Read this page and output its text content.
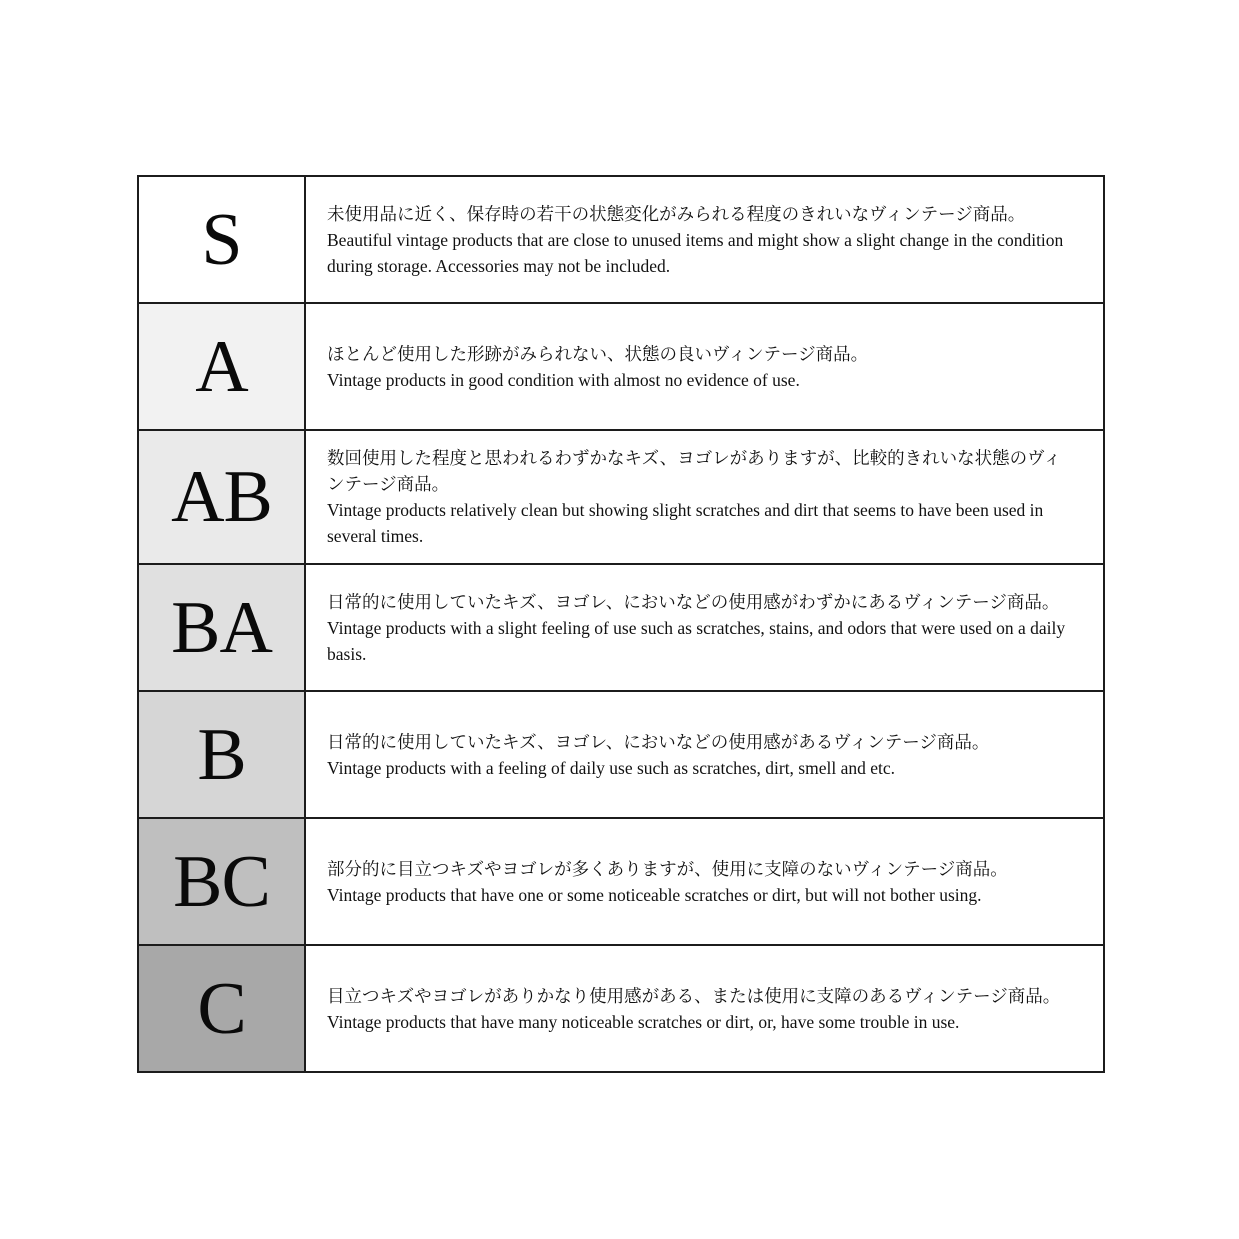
S	未使用品に近く、保存時の若干の状態変化がみられる程度のきれいなヴィンテージ商品。
Beautiful vintage products that are close to unused items and might show a slight change in the condition during storage. Accessories may not be included.

A	ほとんど使用した形跡がみられない、状態の良いヴィンテージ商品。
Vintage products in good condition with almost no evidence of use.

AB	数回使用した程度と思われるわずかなキズ、ヨゴレがありますが、比較的きれいな状態のヴィンテージ商品。
Vintage products relatively clean but showing slight scratches and dirt that seems to have been used in several times.

BA	日常的に使用していたキズ、ヨゴレ、においなどの使用感がわずかにあるヴィンテージ商品。
Vintage products with a slight feeling of use such as scratches, stains, and odors that were used on a daily basis.

B	日常的に使用していたキズ、ヨゴレ、においなどの使用感があるヴィンテージ商品。
Vintage products with a feeling of daily use such as scratches, dirt, smell and etc.

BC	部分的に目立つキズやヨゴレが多くありますが、使用に支障のないヴィンテージ商品。
Vintage products that have one or some noticeable scratches or dirt, but will not bother using.

C	目立つキズやヨゴレがありかなり使用感がある、または使用に支障のあるヴィンテージ商品。
Vintage products that have many noticeable scratches or dirt, or, have some trouble in use.
